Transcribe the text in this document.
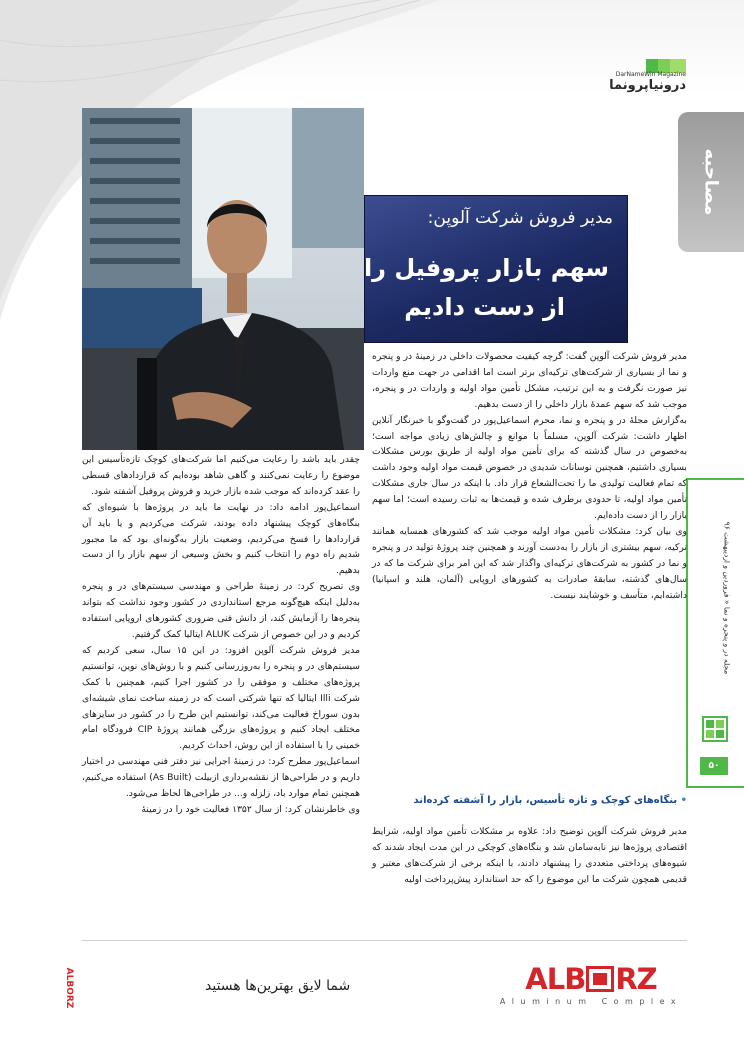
درونیاپرونما
DarNameWin Magazine
مصاحبه
مجله در و پنجره و نما « فروردین و اردیبهشت ۹۶
۵۰
مدیر فروش شرکت آلوپن:
سهم بازار پروفیل را
از دست دادیم

مدیر فروش شرکت آلوپن گفت: گرچه کیفیت محصولات داخلی در زمینهٔ در و پنجره و نما از بسیاری از شرکت‌های ترکیه‌ای برتر است اما اقدامی در جهت منع واردات نیز صورت نگرفت و به این ترتیب، مشکل تأمین مواد اولیه و واردات در و پنجره، موجب شد که سهم عمدهٔ بازار داخلی را از دست بدهیم.

به‌گزارش مجلهٔ در و پنجره و نما، محرم اسماعیل‌پور در گفت‌وگو با خبرنگار آنلاین اظهار داشت: شرکت آلوپن، مسلماً با موانع و چالش‌های زیادی مواجه است؛ به‌خصوص در سال گذشته که برای تأمین مواد اولیه از طریق بورس مشکلات بسیاری داشتیم، همچنین نوسانات شدیدی در خصوص قیمت مواد اولیه وجود داشت که تمام فعالیت تولیدی ما را تحت‌الشعاع قرار داد. با اینکه در سال جاری مشکلات تأمین مواد اولیه، تا حدودی برطرف شده و قیمت‌ها به ثبات رسیده است؛ اما سهم بازار را از دست داده‌ایم.

وی بیان کرد: مشکلات تأمین مواد اولیه موجب شد که کشورهای همسایه همانند ترکیه، سهم بیشتری از بازار را به‌دست آورند و همچنین چند پروژهٔ تولید در و پنجره و نما در کشور به شرکت‌های ترکیه‌ای واگذار شد که این امر برای شرکت ما که در سال‌های گذشته، سابقهٔ صادرات به کشورهای اروپایی (آلمان، هلند و اسپانیا) داشته‌ایم، متأسف و خوشایند نیست.

• بنگاه‌های کوچک و تازه تأسیس، بازار را آشفته کرده‌اند

مدیر فروش شرکت آلوپن توضیح داد: علاوه بر مشکلات تأمین مواد اولیه، شرایط اقتصادی پروژه‌ها نیز نابه‌سامان شد و بنگاه‌های کوچکی در این مدت ایجاد شدند که شیوه‌های پرداختی متعددی را پیشنهاد دادند، با اینکه برخی از شرکت‌های معتبر و قدیمی همچون شرکت ما این موضوع را که حد استاندارد پیش‌پرداخت اولیه

چقدر باید باشد را رعایت می‌کنیم اما شرکت‌های کوچک تازه‌تأسیس این موضوع را رعایت نمی‌کنند و گاهی شاهد بوده‌ایم که قراردادهای قسطی را عقد کرده‌اند که موجب شده بازار خرید و فروش پروفیل آشفته شود.

اسماعیل‌پور ادامه داد: در نهایت ما باید در پروژه‌ها با شیوه‌ای که بنگاه‌های کوچک پیشنهاد داده بودند، شرکت می‌کردیم و یا باید آن قراردادها را فسخ می‌کردیم، وضعیت بازار به‌گونه‌ای بود که ما مجبور شدیم راه دوم را انتخاب کنیم و بخش وسیعی از سهم بازار را از دست بدهیم.

وی تصریح کرد: در زمینهٔ طراحی و مهندسی سیستم‌های در و پنجره به‌دلیل اینکه هیچ‌گونه مرجع استانداردی در کشور وجود نداشت که بتواند پنجره‌ها را آزمایش کند، از دانش فنی ضروری کشورهای اروپایی استفاده کردیم و در این خصوص از شرکت ALUK ایتالیا کمک گرفتیم.

مدیر فروش شرکت آلوپن افزود: در این ۱۵ سال، سعی کردیم که سیستم‌های در و پنجره را به‌روزرسانی کنیم و با روش‌های نوین، توانستیم پروژه‌های مختلف و موفقی را در کشور اجرا کنیم، همچنین با کمک شرکت Illi ایتالیا که تنها شرکتی است که در زمینه ساخت نمای شیشه‌ای بدون سوراخ فعالیت می‌کند، توانستیم این طرح را در کشور در سایزهای مختلف ایجاد کنیم و پروژه‌های بزرگی همانند پروژهٔ CIP فرودگاه امام خمینی را با استفاده از این روش، احداث کردیم.

اسماعیل‌پور مطرح کرد: در زمینهٔ اجرایی نیز دفتر فنی مهندسی در اختیار داریم و در طراحی‌ها از نقشه‌برداری ازبیلت (As Built) استفاده می‌کنیم، همچنین تمام موارد باد، زلزله و... در طراحی‌ها لحاظ می‌شود.

وی خاطرنشان کرد: از سال ۱۳۵۲ فعالیت خود را در زمینهٔ

شما لایق بهترین‌ها هستید	AL B RZ
Aluminum Complex
ALBORZ
